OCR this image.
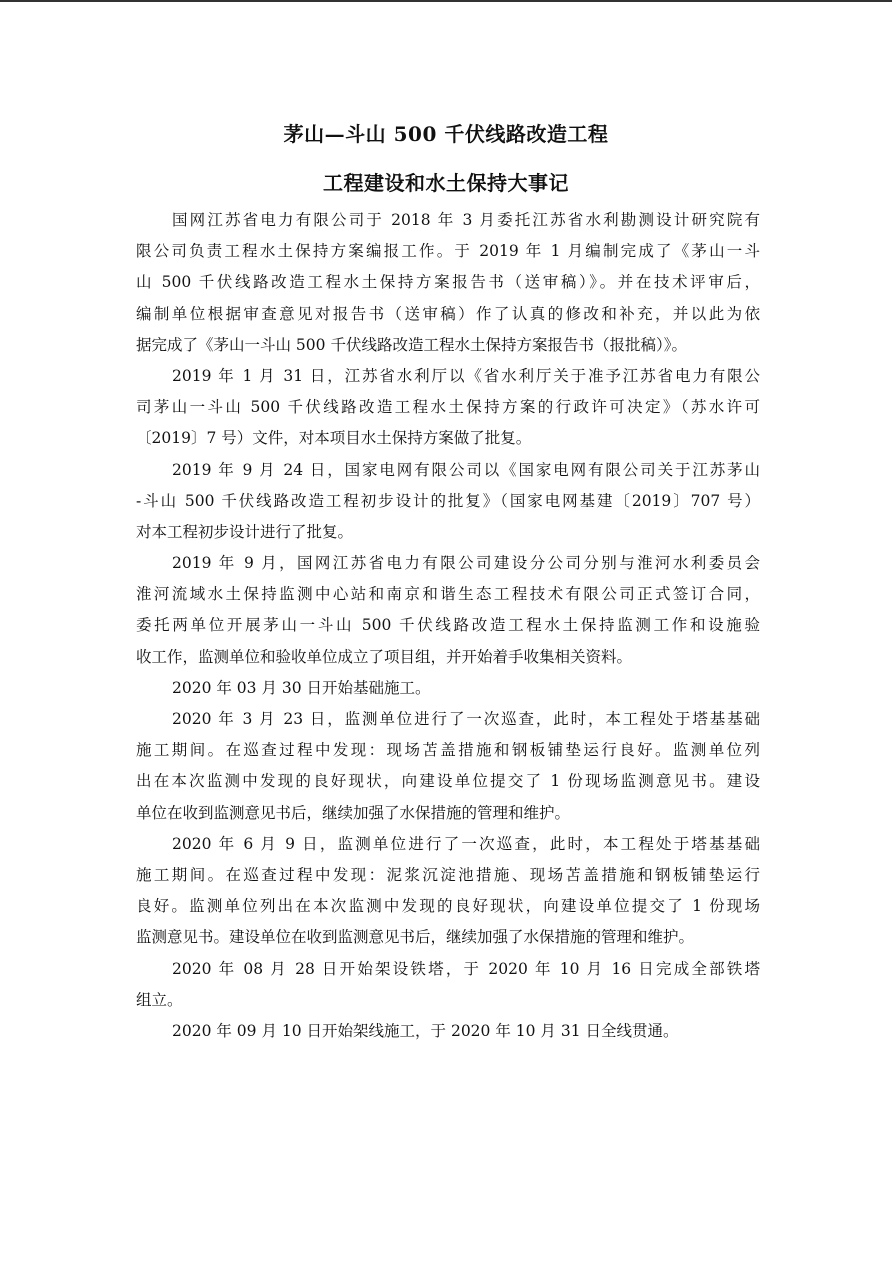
茅山—斗山 500 千伏线路改造工程
工程建设和水土保持大事记
国网江苏省电力有限公司于 2018 年 3 月委托江苏省水利勘测设计研究院有
限公司负责工程水土保持方案编报工作。于 2019 年 1 月编制完成了《茅山一斗
山 500 千伏线路改造工程水土保持方案报告书（送审稿）》。并在技术评审后，
编制单位根据审查意见对报告书（送审稿）作了认真的修改和补充，并以此为依
据完成了《茅山一斗山 500 千伏线路改造工程水土保持方案报告书（报批稿）》。
2019 年 1 月 31 日，江苏省水利厅以《省水利厅关于准予江苏省电力有限公
司茅山一斗山 500 千伏线路改造工程水土保持方案的行政许可决定》（苏水许可
〔2019〕7 号）文件，对本项目水土保持方案做了批复。
2019 年 9 月 24 日，国家电网有限公司以《国家电网有限公司关于江苏茅山
-斗山 500 千伏线路改造工程初步设计的批复》（国家电网基建〔2019〕707 号）
对本工程初步设计进行了批复。
2019 年 9 月，国网江苏省电力有限公司建设分公司分别与淮河水利委员会
淮河流域水土保持监测中心站和南京和谐生态工程技术有限公司正式签订合同，
委托两单位开展茅山一斗山 500 千伏线路改造工程水土保持监测工作和设施验
收工作，监测单位和验收单位成立了项目组，并开始着手收集相关资料。
2020 年 03 月 30 日开始基础施工。
2020 年 3 月 23 日，监测单位进行了一次巡查，此时，本工程处于塔基基础
施工期间。在巡查过程中发现：现场苫盖措施和钢板铺垫运行良好。监测单位列
出在本次监测中发现的良好现状，向建设单位提交了 1 份现场监测意见书。建设
单位在收到监测意见书后，继续加强了水保措施的管理和维护。
2020 年 6 月 9 日，监测单位进行了一次巡查，此时，本工程处于塔基基础
施工期间。在巡查过程中发现：泥浆沉淀池措施、现场苫盖措施和钢板铺垫运行
良好。监测单位列出在本次监测中发现的良好现状，向建设单位提交了 1 份现场
监测意见书。建设单位在收到监测意见书后，继续加强了水保措施的管理和维护。
2020 年 08 月 28 日开始架设铁塔，于 2020 年 10 月 16 日完成全部铁塔
组立。
2020 年 09 月 10 日开始架线施工，于 2020 年 10 月 31 日全线贯通。
